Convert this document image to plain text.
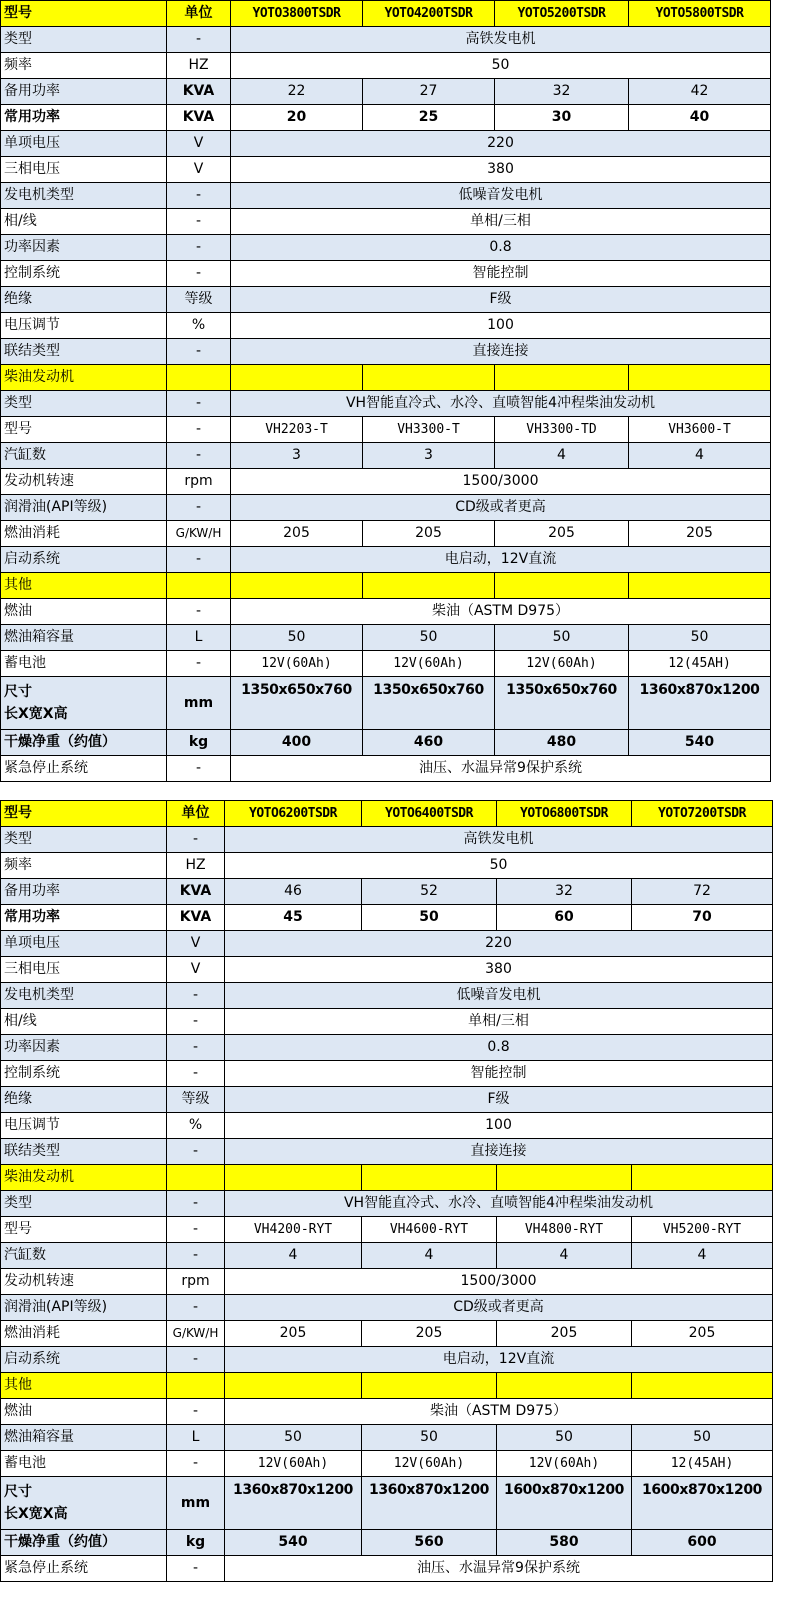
型号	单位	YOTO3800TSDR	YOTO4200TSDR	YOTO5200TSDR	YOTO5800TSDR
类型	-	高铁发电机			
频率	HZ	50			
备用功率	KVA	22	27	32	42
常用功率	KVA	20	25	30	40
单项电压	V	220			
三相电压	V	380			
发电机类型	-	低噪音发电机			
相/线	-	单相/三相			
功率因素	-	0.8			
控制系统	-	智能控制			
绝缘	等级	F级			
电压调节	%	100			
联结类型	-	直接连接			
柴油发动机					
类型	-	VH智能直冷式、水冷、直喷智能4冲程柴油发动机			
型号	-	VH2203-T	VH3300-T	VH3300-TD	VH3600-T
汽缸数	-	3	3	4	4
发动机转速	rpm	1500/3000			
润滑油(API等级)	-	CD级或者更高			
燃油消耗	G/KW/H	205	205	205	205
启动系统	-	电启动，12V直流			
其他					
燃油	-	柴油（ASTM D975）			
燃油箱容量	L	50	50	50	50
蓄电池	-	12V(60Ah)	12V(60Ah)	12V(60Ah)	12(45AH)

尺寸
长X宽X高	mm	1350x650x760	1350x650x760	1350x650x760	1360x870x1200
干燥净重（约值）	kg	400	460	480	540
紧急停止系统	-	油压、水温异常9保护系统			
型号	单位	YOTO6200TSDR	YOTO6400TSDR	YOTO6800TSDR	YOTO7200TSDR
类型	-	高铁发电机			
频率	HZ	50			
备用功率	KVA	46	52	32	72
常用功率	KVA	45	50	60	70
单项电压	V	220			
三相电压	V	380			
发电机类型	-	低噪音发电机			
相/线	-	单相/三相			
功率因素	-	0.8			
控制系统	-	智能控制			
绝缘	等级	F级			
电压调节	%	100			
联结类型	-	直接连接			
柴油发动机					
类型	-	VH智能直冷式、水冷、直喷智能4冲程柴油发动机			
型号	-	VH4200-RYT	VH4600-RYT	VH4800-RYT	VH5200-RYT
汽缸数	-	4	4	4	4
发动机转速	rpm	1500/3000			
润滑油(API等级)	-	CD级或者更高			
燃油消耗	G/KW/H	205	205	205	205
启动系统	-	电启动，12V直流			
其他					
燃油	-	柴油（ASTM D975）			
燃油箱容量	L	50	50	50	50
蓄电池	-	12V(60Ah)	12V(60Ah)	12V(60Ah)	12(45AH)

尺寸
长X宽X高	mm	1360x870x1200	1360x870x1200	1600x870x1200	1600x870x1200
干燥净重（约值）	kg	540	560	580	600
紧急停止系统	-	油压、水温异常9保护系统			
